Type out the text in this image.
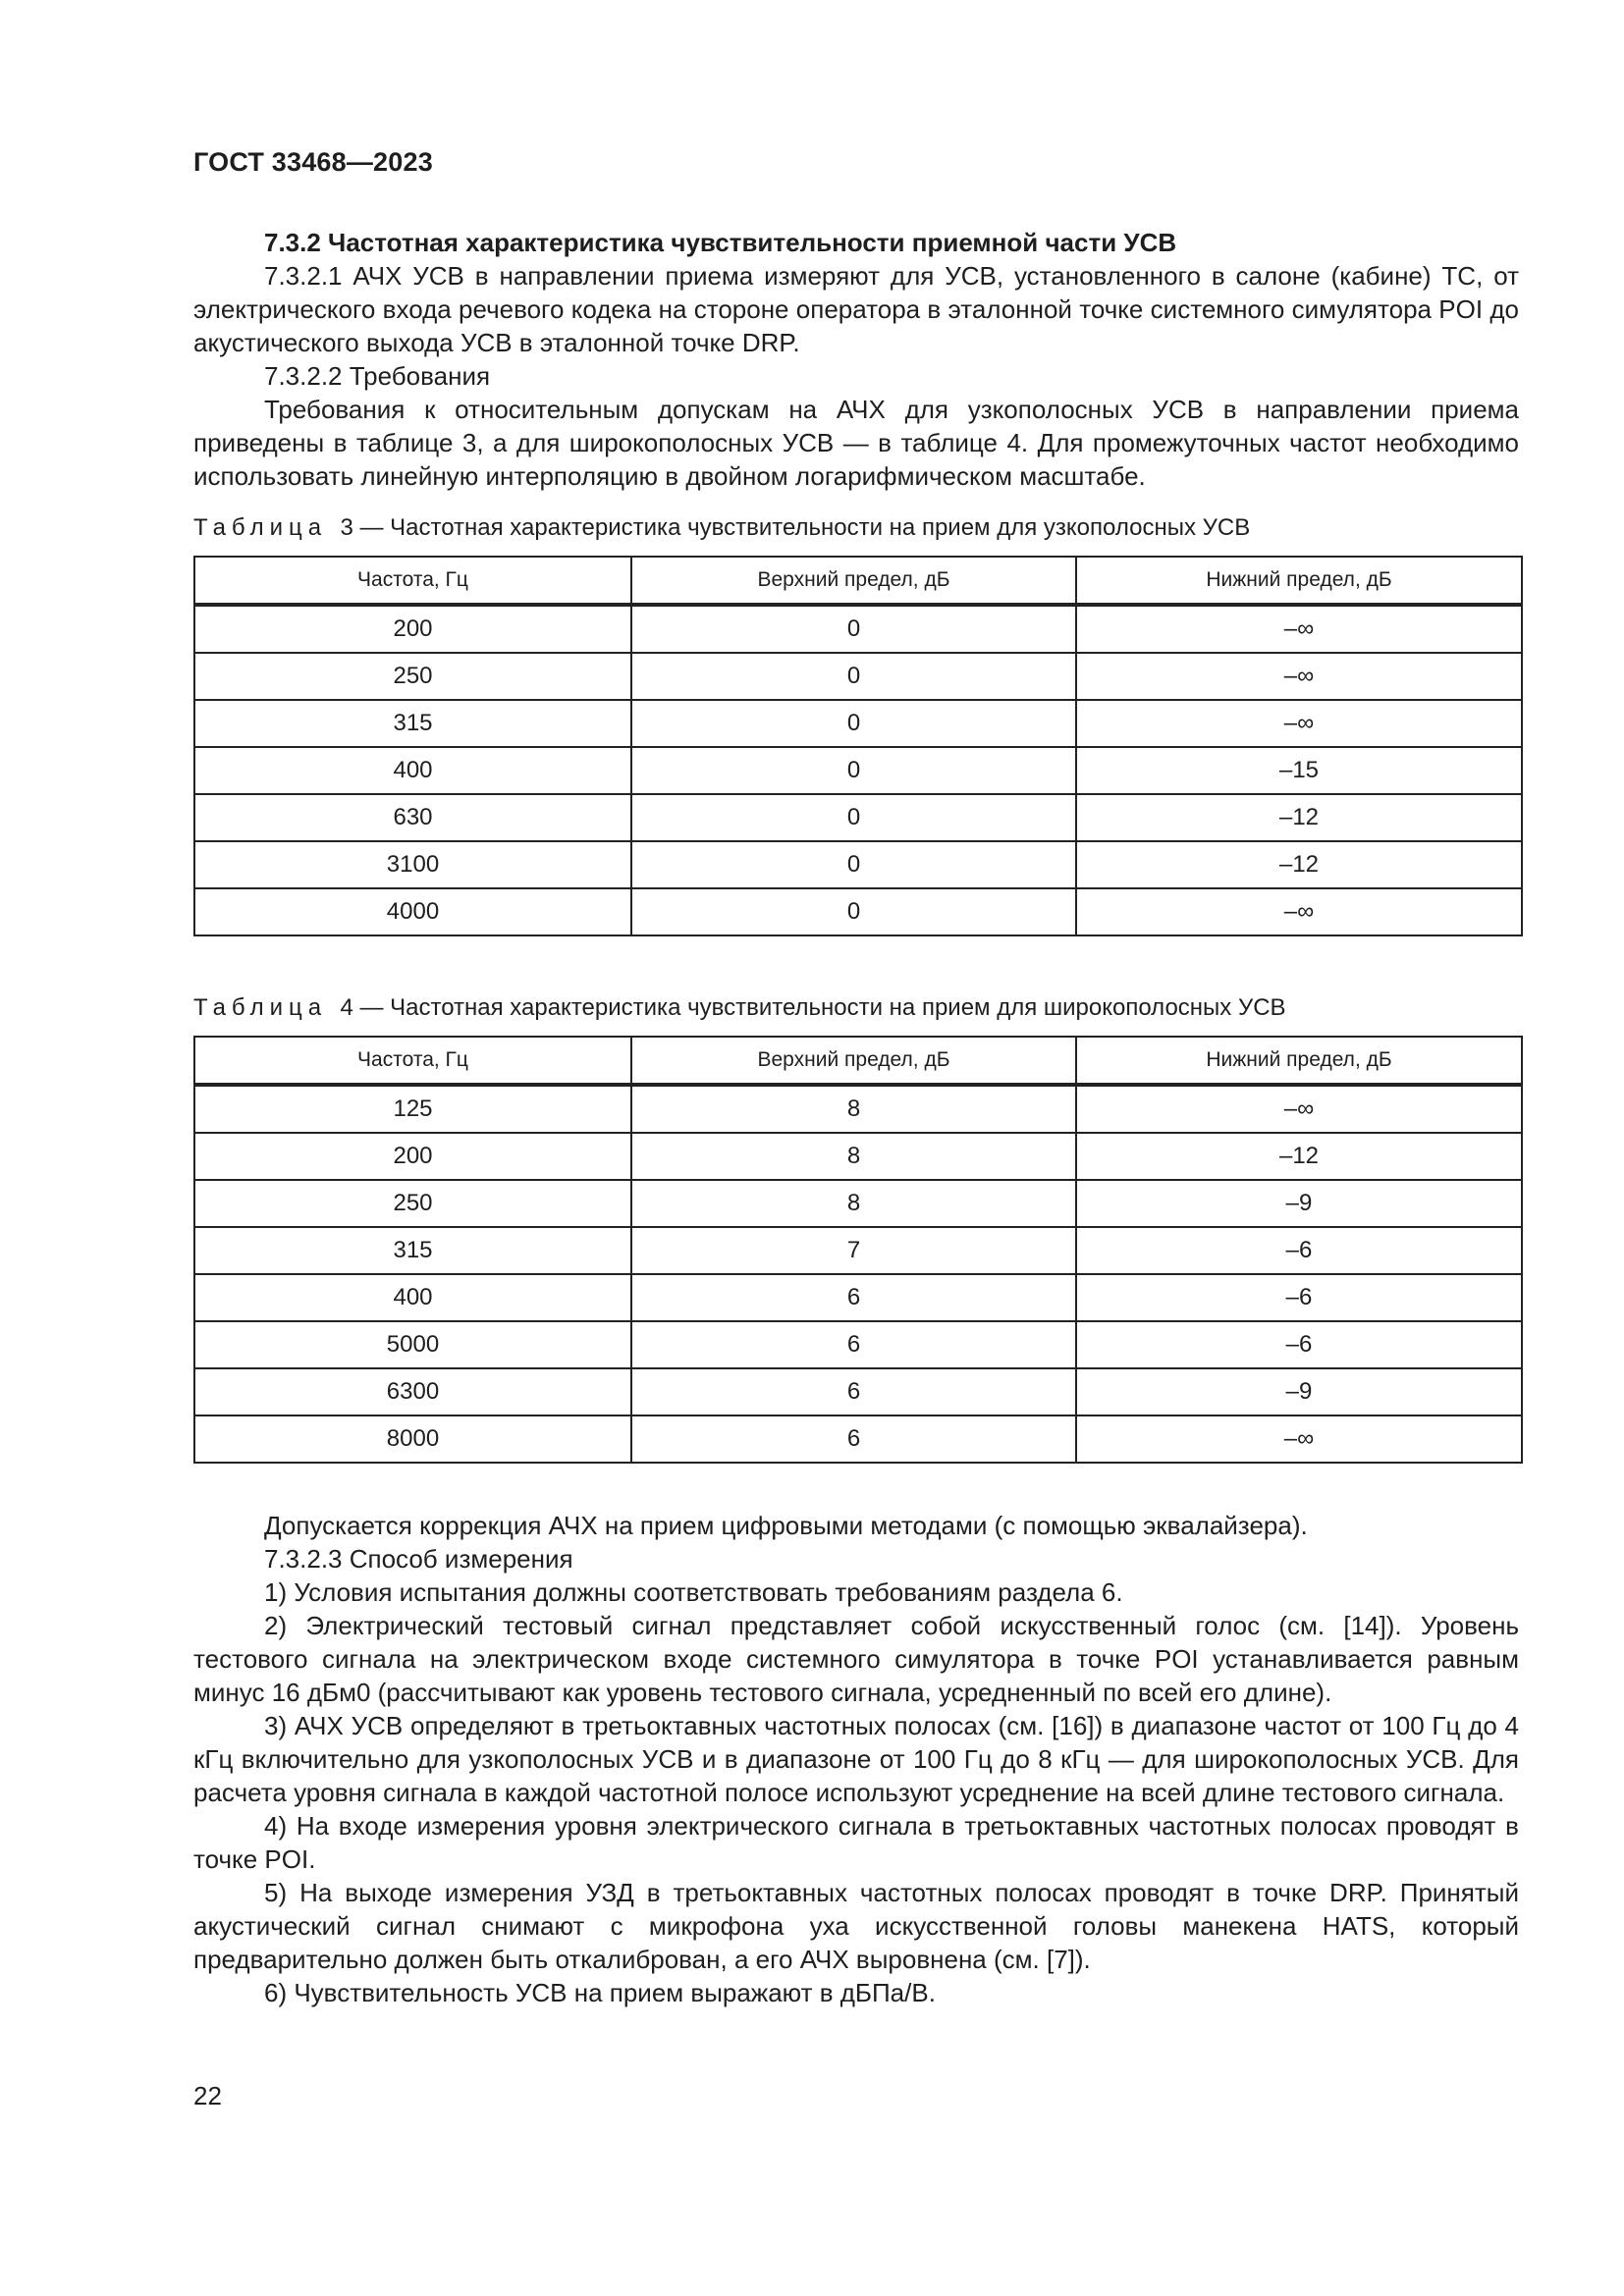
ГОСТ 33468—2023

7.3.2 Частотная характеристика чувствительности приемной части УСВ

7.3.2.1 АЧХ УСВ в направлении приема измеряют для УСВ, установленного в салоне (кабине) ТС, от электрического входа речевого кодека на стороне оператора в эталонной точке системного симулятора POI до акустического выхода УСВ в эталонной точке DRP.

7.3.2.2 Требования

Требования к относительным допускам на АЧХ для узкополосных УСВ в направлении приема приведены в таблице 3, а для широкополосных УСВ — в таблице 4. Для промежуточных частот необходимо использовать линейную интерполяцию в двойном логарифмическом масштабе.

Таблица 3 — Частотная характеристика чувствительности на прием для узкополосных УСВ
Частота, Гц	Верхний предел, дБ	Нижний предел, дБ
200	0	–∞
250	0	–∞
315	0	–∞
400	0	–15
630	0	–12
3100	0	–12
4000	0	–∞
Таблица 4 — Частотная характеристика чувствительности на прием для широкополосных УСВ
Частота, Гц	Верхний предел, дБ	Нижний предел, дБ
125	8	–∞
200	8	–12
250	8	–9
315	7	–6
400	6	–6
5000	6	–6
6300	6	–9
8000	6	–∞

Допускается коррекция АЧХ на прием цифровыми методами (с помощью эквалайзера).

7.3.2.3 Способ измерения

1) Условия испытания должны соответствовать требованиям раздела 6.

2) Электрический тестовый сигнал представляет собой искусственный голос (см. [14]). Уровень тестового сигнала на электрическом входе системного симулятора в точке POI устанавливается равным минус 16 дБм0 (рассчитывают как уровень тестового сигнала, усредненный по всей его длине).

3) АЧХ УСВ определяют в третьоктавных частотных полосах (см. [16]) в диапазоне частот от 100 Гц до 4 кГц включительно для узкополосных УСВ и в диапазоне от 100 Гц до 8 кГц — для широкополосных УСВ. Для расчета уровня сигнала в каждой частотной полосе используют усреднение на всей длине тестового сигнала.

4) На входе измерения уровня электрического сигнала в третьоктавных частотных полосах проводят в точке POI.

5) На выходе измерения УЗД в третьоктавных частотных полосах проводят в точке DRP. Принятый акустический сигнал снимают с микрофона уха искусственной головы манекена HATS, который предварительно должен быть откалиброван, а его АЧХ выровнена (см. [7]).

6) Чувствительность УСВ на прием выражают в дБПа/В.

22
